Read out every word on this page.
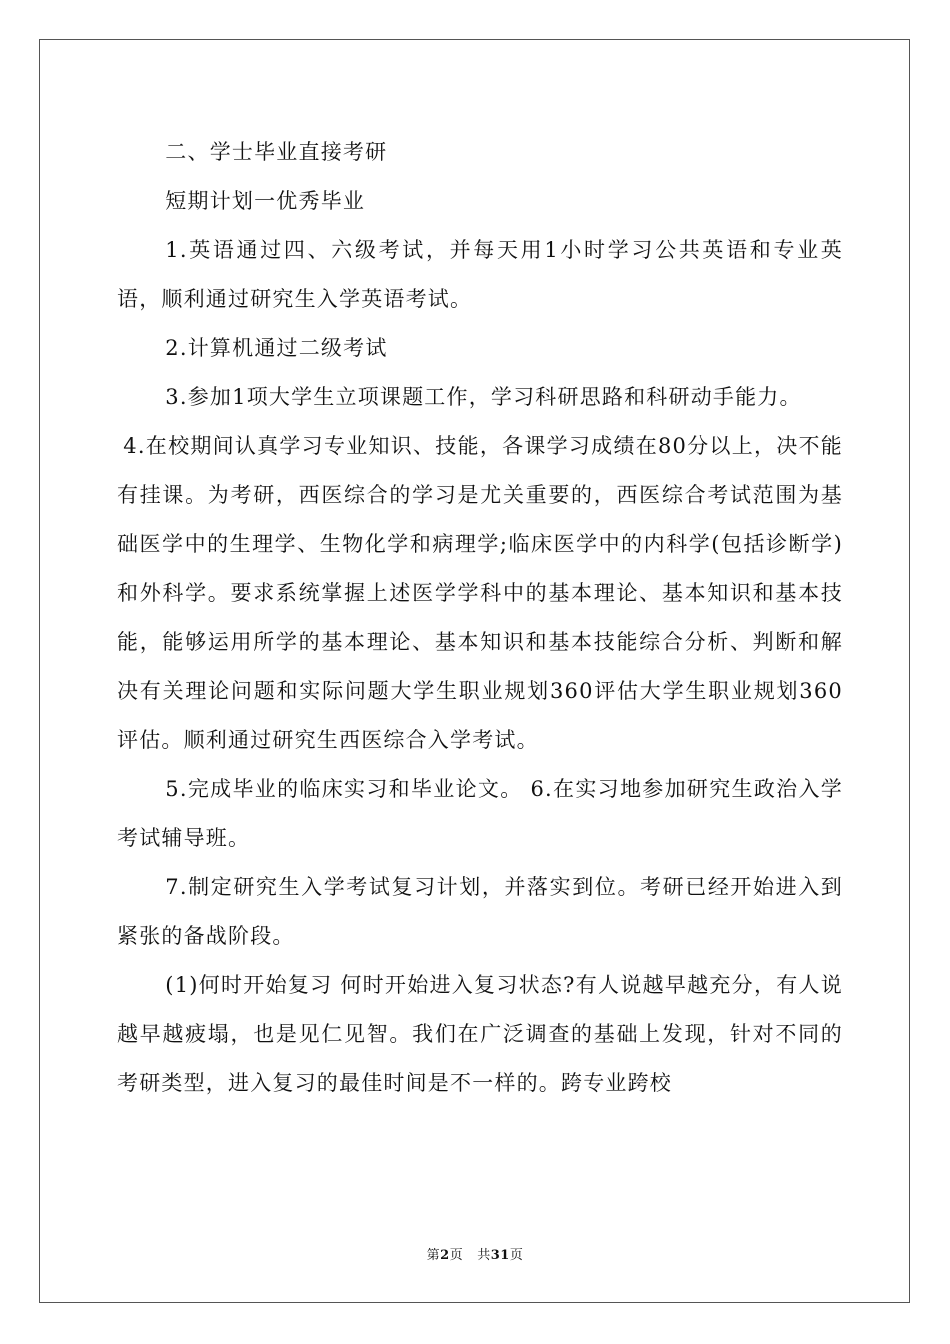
二、学士毕业直接考研

短期计划一优秀毕业

1.英语通过四、六级考试，并每天用1小时学习公共英语和专业英语，顺利通过研究生入学英语考试。

2.计算机通过二级考试

3.参加1项大学生立项课题工作，学习科研思路和科研动手能力。

4.在校期间认真学习专业知识、技能，各课学习成绩在80分以上，决不能有挂课。为考研，西医综合的学习是尤关重要的，西医综合考试范围为基础医学中的生理学、生物化学和病理学;临床医学中的内科学(包括诊断学)和外科学。要求系统掌握上述医学学科中的基本理论、基本知识和基本技能，能够运用所学的基本理论、基本知识和基本技能综合分析、判断和解决有关理论问题和实际问题大学生职业规划360评估大学生职业规划360评估。顺利通过研究生西医综合入学考试。

5.完成毕业的临床实习和毕业论文。 6.在实习地参加研究生政治入学考试辅导班。

7.制定研究生入学考试复习计划，并落实到位。考研已经开始进入到紧张的备战阶段。

(1)何时开始复习 何时开始进入复习状态?有人说越早越充分，有人说越早越疲塌，也是见仁见智。我们在广泛调查的基础上发现，针对不同的考研类型，进入复习的最佳时间是不一样的。跨专业跨校

第2页 共31页
